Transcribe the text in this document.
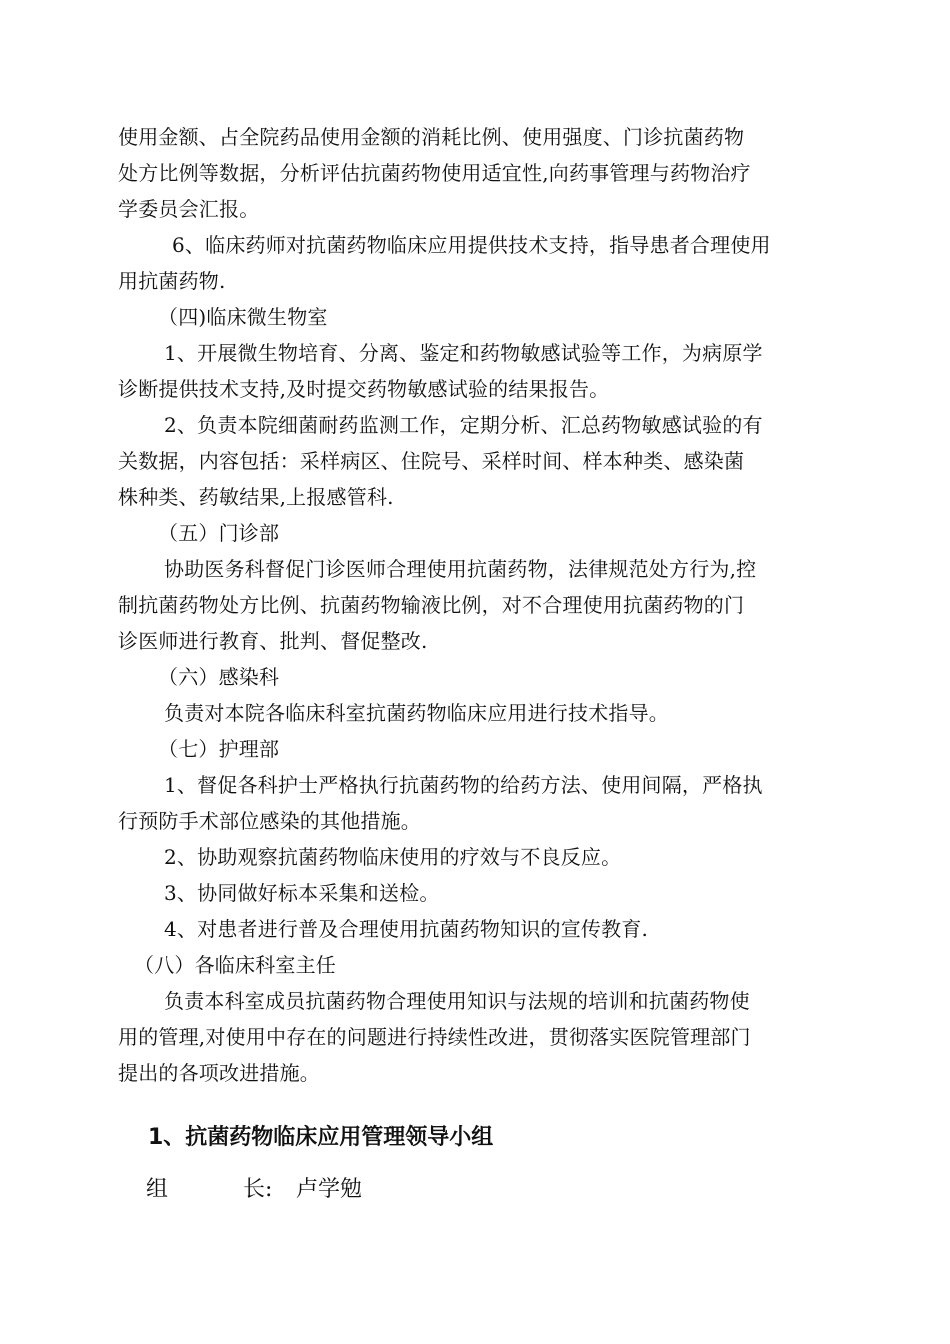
使用金额、占全院药品使用金额的消耗比例、使用强度、门诊抗菌药物
处方比例等数据，分析评估抗菌药物使用适宜性,向药事管理与药物治疗
学委员会汇报。
6、临床药师对抗菌药物临床应用提供技术支持，指导患者合理使用
用抗菌药物.
（四)临床微生物室
1、开展微生物培育、分离、鉴定和药物敏感试验等工作，为病原学
诊断提供技术支持,及时提交药物敏感试验的结果报告。
2、负责本院细菌耐药监测工作，定期分析、汇总药物敏感试验的有
关数据，内容包括：采样病区、住院号、采样时间、样本种类、感染菌
株种类、药敏结果,上报感管科.
（五）门诊部
协助医务科督促门诊医师合理使用抗菌药物，法律规范处方行为,控
制抗菌药物处方比例、抗菌药物输液比例，对不合理使用抗菌药物的门
诊医师进行教育、批判、督促整改.
（六）感染科
负责对本院各临床科室抗菌药物临床应用进行技术指导。
（七）护理部
1、督促各科护士严格执行抗菌药物的给药方法、使用间隔，严格执
行预防手术部位感染的其他措施。
2、协助观察抗菌药物临床使用的疗效与不良反应。
3、协同做好标本采集和送检。
4、对患者进行普及合理使用抗菌药物知识的宣传教育.
（八）各临床科室主任
负责本科室成员抗菌药物合理使用知识与法规的培训和抗菌药物使
用的管理,对使用中存在的问题进行持续性改进，贯彻落实医院管理部门
提出的各项改进措施。
1、抗菌药物临床应用管理领导小组
组	长: 卢学勉
